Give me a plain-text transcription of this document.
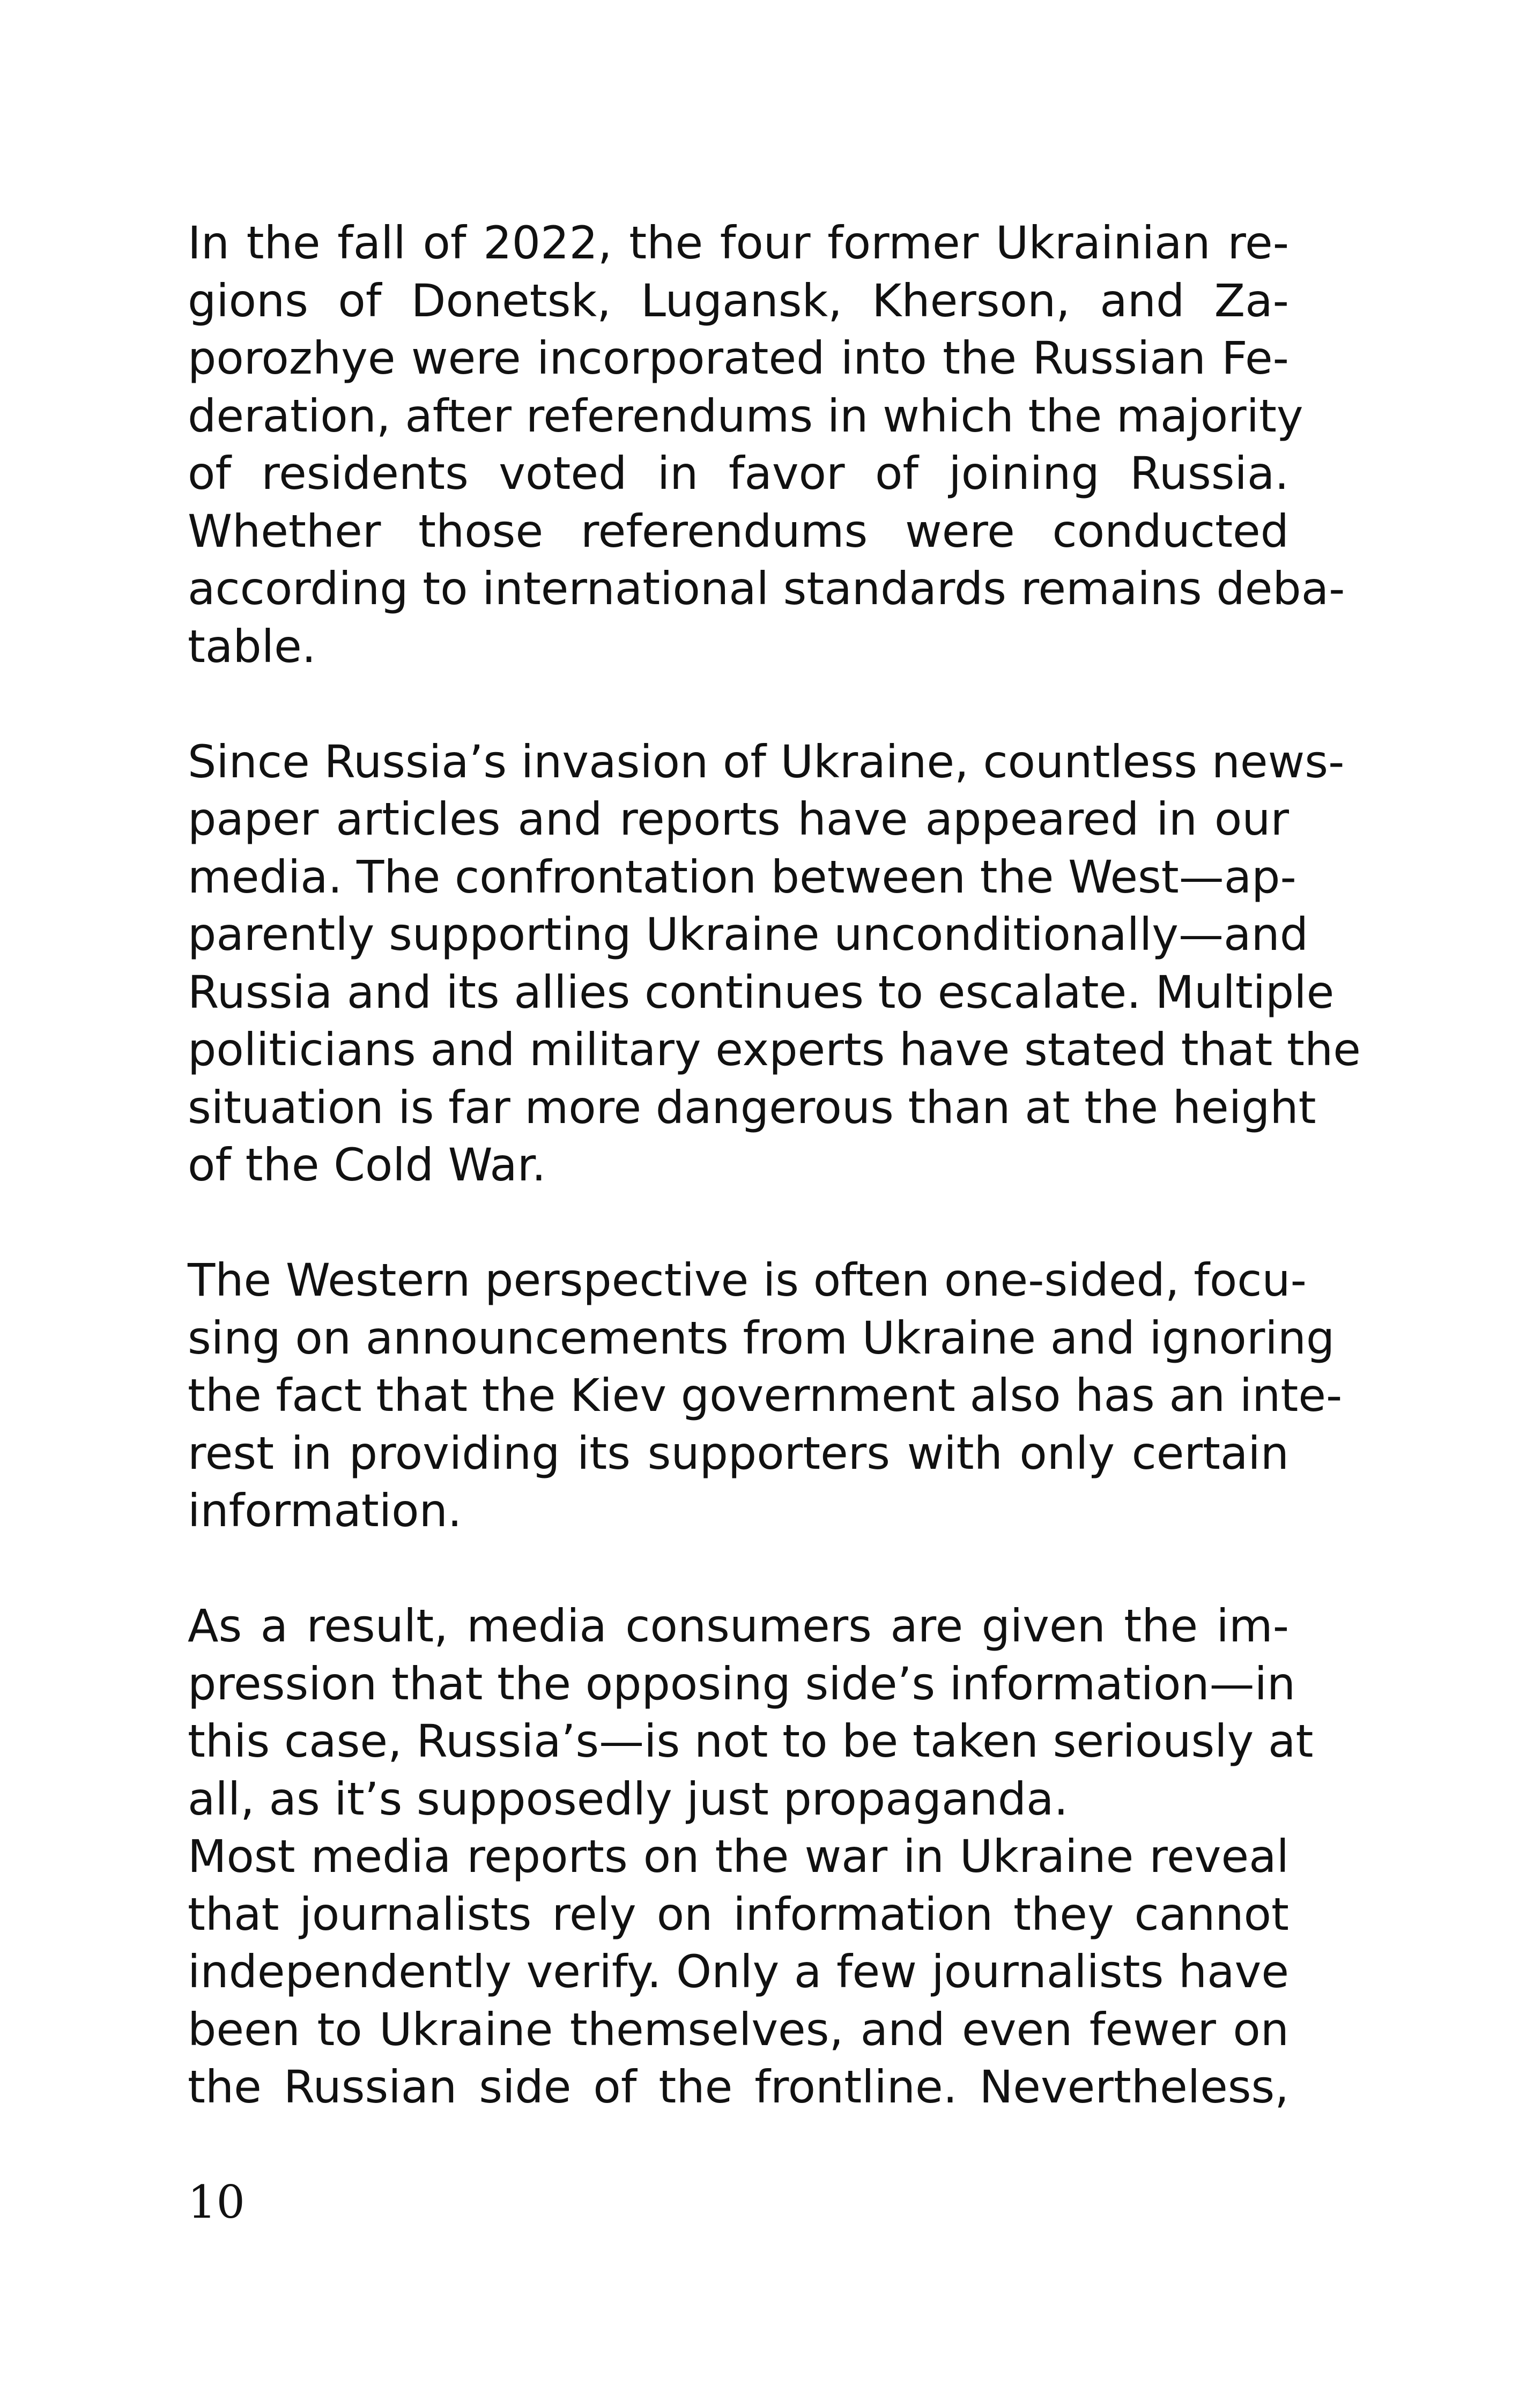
In the fall of 2022, the four former Ukrainian re-
gions of Donetsk, Lugansk, Kherson, and Za-
porozhye were incorporated into the Russian Fe-
deration, after referendums in which the majority
of residents voted in favor of joining Russia.
Whether those referendums were conducted
according to international standards remains deba-
table.

Since Russia’s invasion of Ukraine, countless news-
paper articles and reports have appeared in our
media. The confrontation between the West—ap-
parently supporting Ukraine unconditionally—and
Russia and its allies continues to escalate. Multiple
politicians and military experts have stated that the
situation is far more dangerous than at the height
of the Cold War.

The Western perspective is often one-sided, focu-
sing on announcements from Ukraine and ignoring
the fact that the Kiev government also has an inte-
rest in providing its supporters with only certain
information.

As a result, media consumers are given the im-
pression that the opposing side’s information—in
this case, Russia’s—is not to be taken seriously at
all, as it’s supposedly just propaganda.

Most media reports on the war in Ukraine reveal
that journalists rely on information they cannot
independently verify. Only a few journalists have
been to Ukraine themselves, and even fewer on
the Russian side of the frontline. Nevertheless,

10
